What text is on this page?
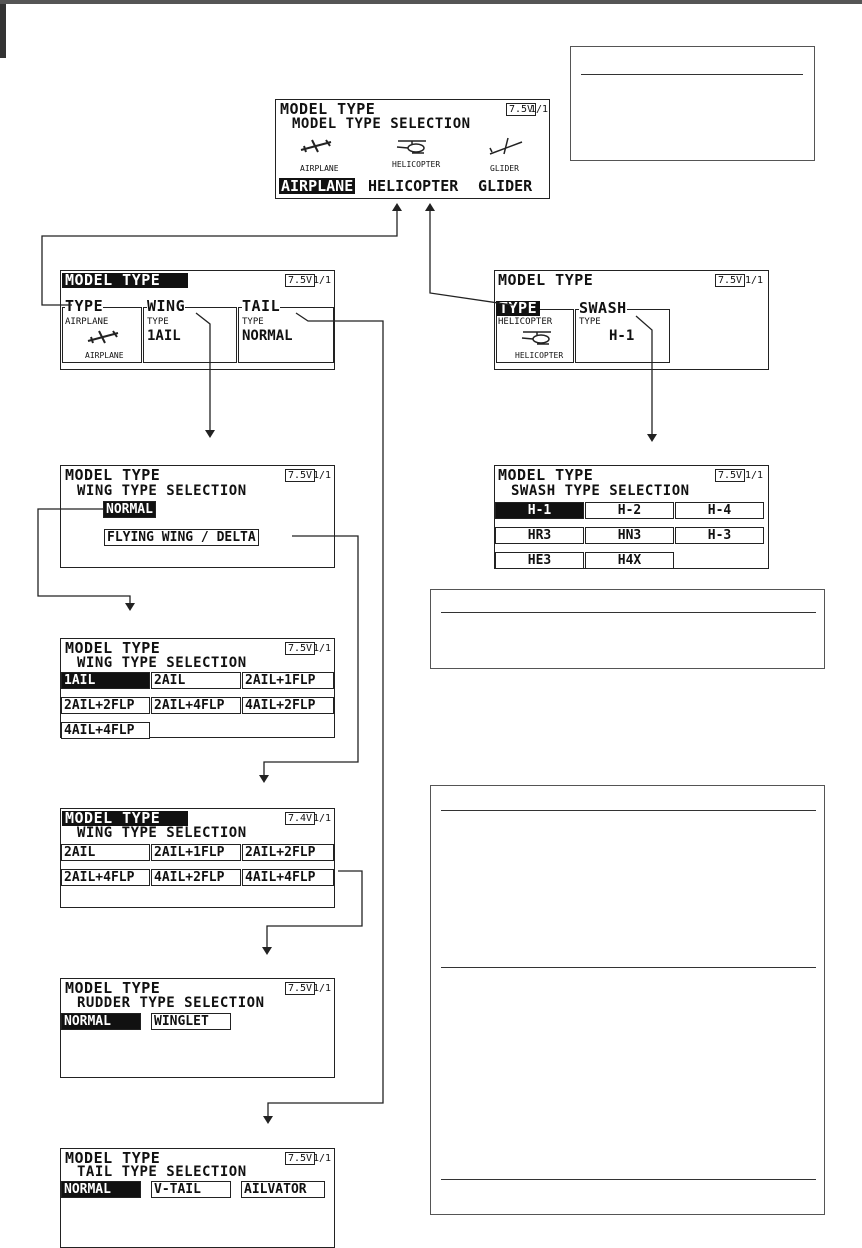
MODEL TYPE	7.5V
1/1
MODEL TYPE SELECTION
AIRPLANE	HELICOPTER	GLIDER
AIRPLANE HELICOPTER GLIDER
MODEL TYPE	7.5V 1/1
TYPE
AIRPLANE
AIRPLANE
WING
TYPE
1AIL
TAIL
TYPE
NORMAL
MODEL TYPE	7.5V 1/1
TYPE
HELICOPTER
HELICOPTER
SWASH
TYPE
H-1
MODEL TYPE	7.5V 1/1
WING TYPE SELECTION
NORMAL
FLYING WING / DELTA
MODEL TYPE	7.5V 1/1
SWASH TYPE SELECTION
H-1	H-2	H-4
HR3	HN3	H-3
HE3	H4X
MODEL TYPE	7.5V 1/1
WING TYPE SELECTION
1AIL	2AIL	2AIL+1FLP
2AIL+2FLP	2AIL+4FLP	4AIL+2FLP
4AIL+4FLP
MODEL TYPE	7.4V 1/1
WING TYPE SELECTION
2AIL	2AIL+1FLP	2AIL+2FLP
2AIL+4FLP	4AIL+2FLP	4AIL+4FLP
MODEL TYPE	7.5V 1/1
RUDDER TYPE SELECTION
NORMAL	WINGLET
MODEL TYPE	7.5V 1/1
TAIL TYPE SELECTION
NORMAL	V-TAIL	AILVATOR
